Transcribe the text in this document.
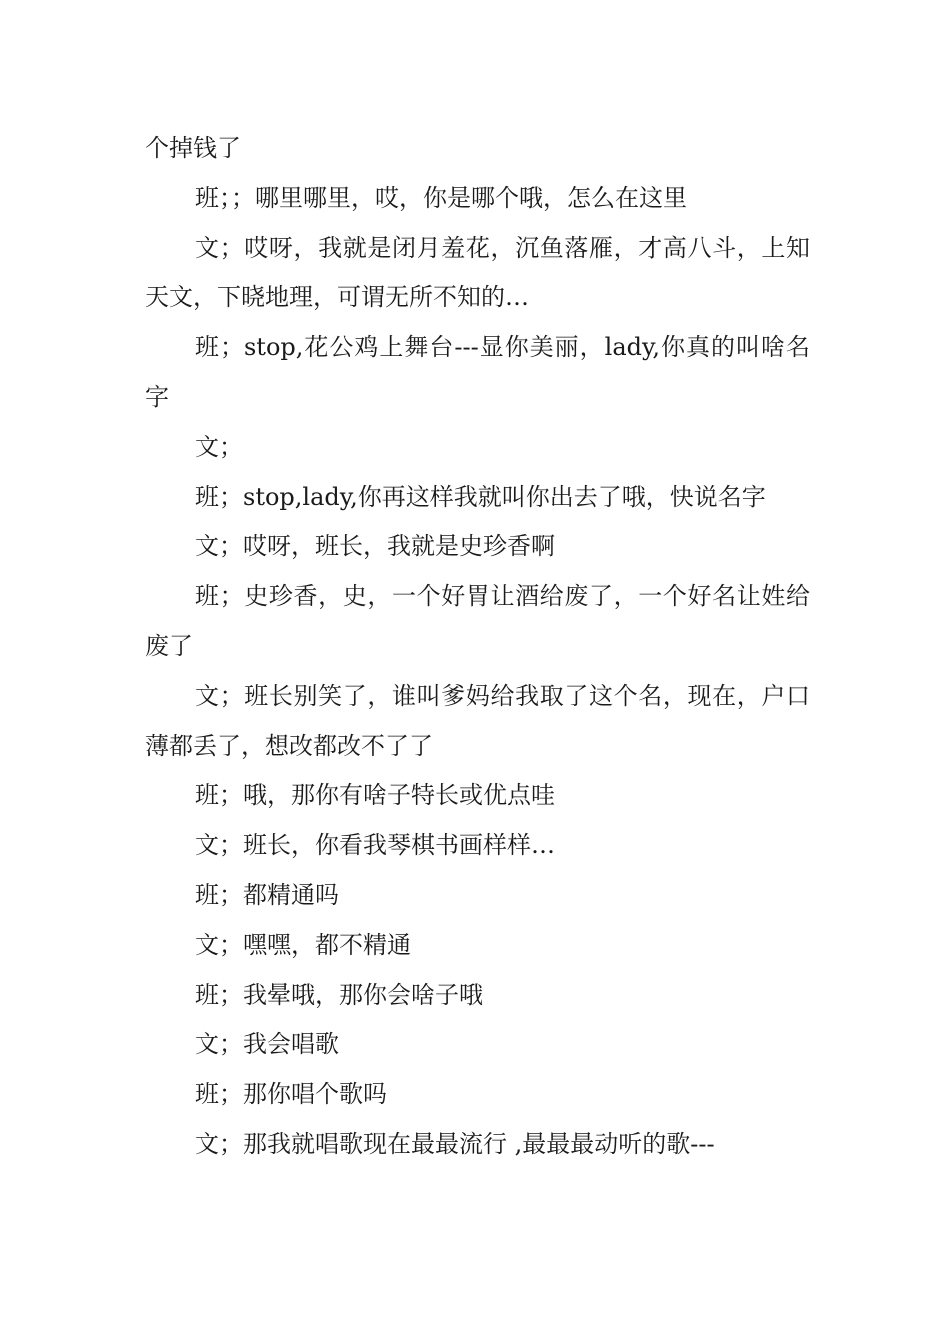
个掉钱了

班；；哪里哪里，哎，你是哪个哦，怎么在这里

文；哎呀，我就是闭月羞花，沉鱼落雁，才高八斗，上知天文，下晓地理，可谓无所不知的…

班；stop,花公鸡上舞台---显你美丽，lady,你真的叫啥名字

文；

班；stop,lady,你再这样我就叫你出去了哦，快说名字

文；哎呀，班长，我就是史珍香啊

班；史珍香，史，一个好胃让酒给废了，一个好名让姓给废了

文；班长别笑了，谁叫爹妈给我取了这个名，现在，户口薄都丢了，想改都改不了了

班；哦，那你有啥子特长或优点哇

文；班长，你看我琴棋书画样样…

班；都精通吗

文；嘿嘿，都不精通

班；我晕哦，那你会啥子哦

文；我会唱歌

班；那你唱个歌吗

文；那我就唱歌现在最最流行 ,最最最动听的歌---
